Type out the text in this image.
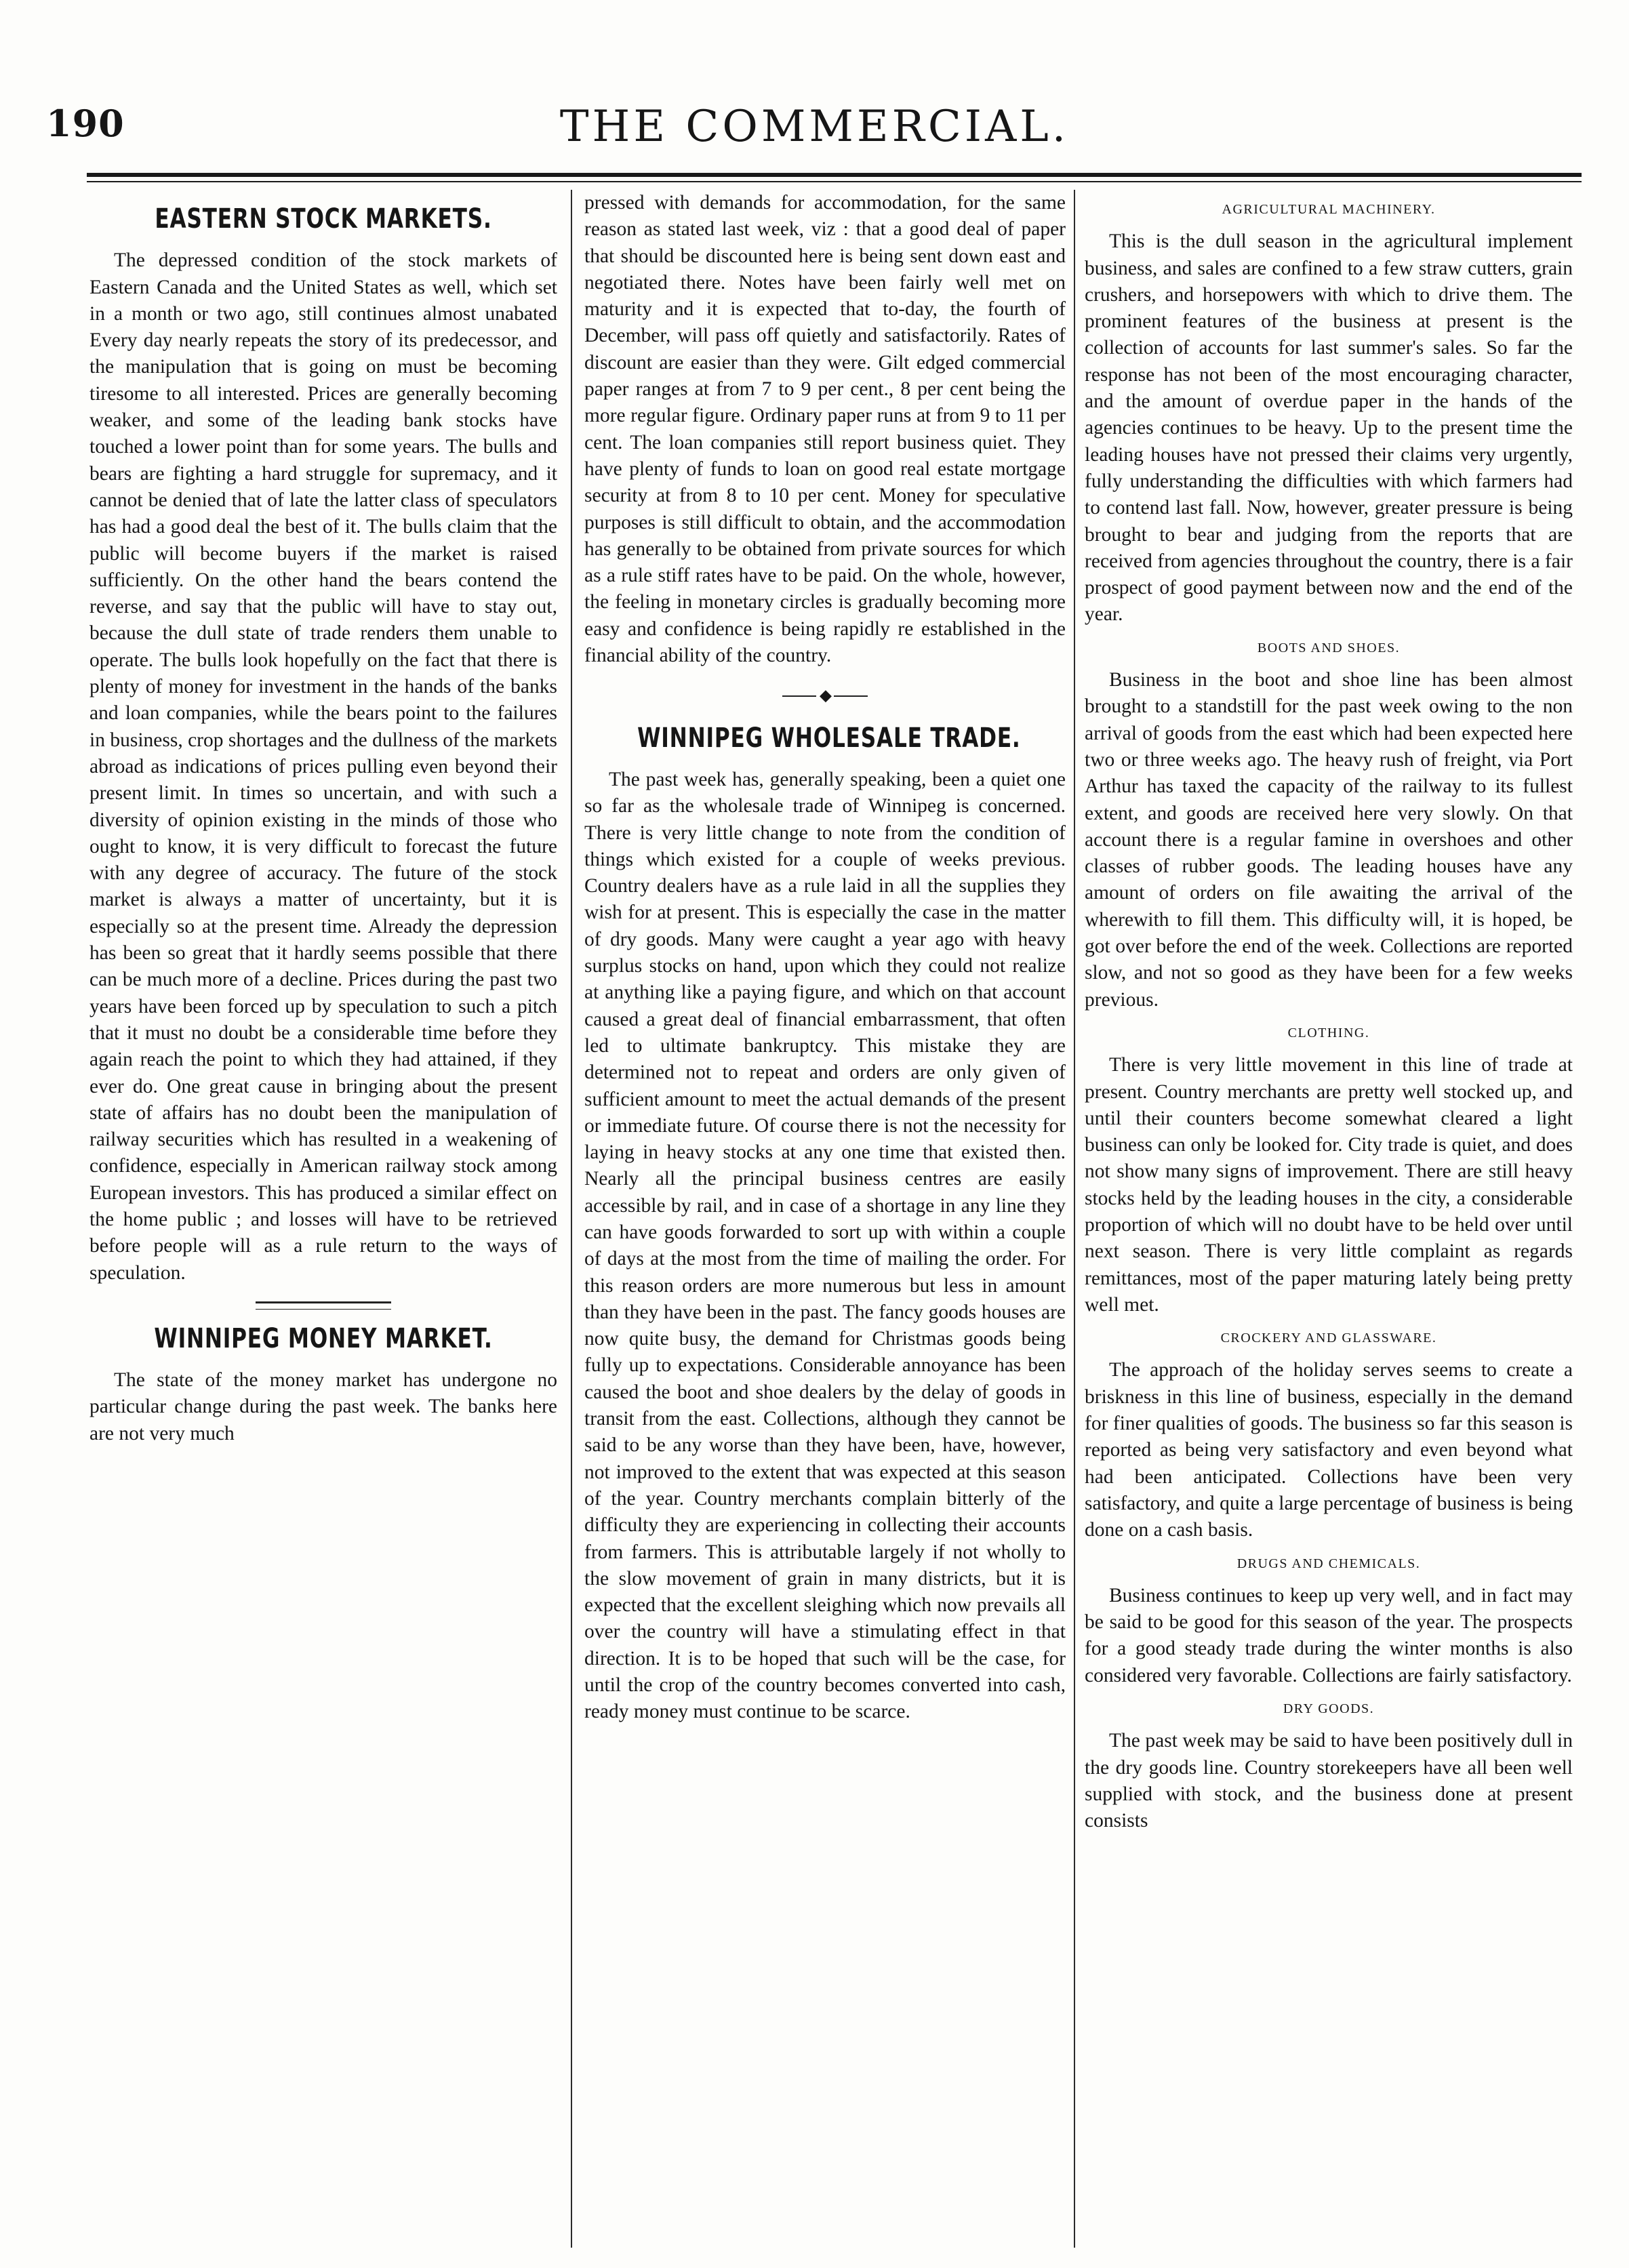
190	THE COMMERCIAL.
EASTERN STOCK MARKETS.

The depressed condition of the stock markets of Eastern Canada and the United States as well, which set in a month or two ago, still continues almost unabated Every day nearly repeats the story of its predecessor, and the manipulation that is going on must be becoming tiresome to all interested. Prices are generally becoming weaker, and some of the leading bank stocks have touched a lower point than for some years. The bulls and bears are fighting a hard struggle for supremacy, and it cannot be denied that of late the latter class of speculators has had a good deal the best of it. The bulls claim that the public will become buyers if the market is raised sufficiently. On the other hand the bears contend the reverse, and say that the public will have to stay out, because the dull state of trade renders them unable to operate. The bulls look hopefully on the fact that there is plenty of money for investment in the hands of the banks and loan companies, while the bears point to the failures in business, crop shortages and the dullness of the markets abroad as indications of prices pulling even beyond their present limit. In times so uncertain, and with such a diversity of opinion existing in the minds of those who ought to know, it is very difficult to forecast the future with any degree of accuracy. The future of the stock market is always a matter of uncertainty, but it is especially so at the present time. Already the depression has been so great that it hardly seems possible that there can be much more of a decline. Prices during the past two years have been forced up by speculation to such a pitch that it must no doubt be a considerable time before they again reach the point to which they had attained, if they ever do. One great cause in bringing about the present state of affairs has no doubt been the manipulation of railway securities which has resulted in a weakening of confidence, especially in American railway stock among European investors. This has produced a similar effect on the home public ; and losses will have to be retrieved before people will as a rule return to the ways of speculation.

WINNIPEG MONEY MARKET.

The state of the money market has undergone no particular change during the past week. The banks here are not very much

pressed with demands for accommodation, for the same reason as stated last week, viz : that a good deal of paper that should be discounted here is being sent down east and negotiated there. Notes have been fairly well met on maturity and it is expected that to-day, the fourth of December, will pass off quietly and satisfactorily. Rates of discount are easier than they were. Gilt edged commercial paper ranges at from 7 to 9 per cent., 8 per cent being the more regular figure. Ordinary paper runs at from 9 to 11 per cent. The loan companies still report business quiet. They have plenty of funds to loan on good real estate mortgage security at from 8 to 10 per cent. Money for speculative purposes is still difficult to obtain, and the accommodation has generally to be obtained from private sources for which as a rule stiff rates have to be paid. On the whole, however, the feeling in monetary circles is gradually becoming more easy and confidence is being rapidly re established in the financial ability of the country.

◆
WINNIPEG WHOLESALE TRADE.

The past week has, generally speaking, been a quiet one so far as the wholesale trade of Winnipeg is concerned. There is very little change to note from the condition of things which existed for a couple of weeks previous. Country dealers have as a rule laid in all the supplies they wish for at present. This is especially the case in the matter of dry goods. Many were caught a year ago with heavy surplus stocks on hand, upon which they could not realize at anything like a paying figure, and which on that account caused a great deal of financial embarrassment, that often led to ultimate bankruptcy. This mistake they are determined not to repeat and orders are only given of sufficient amount to meet the actual demands of the present or immediate future. Of course there is not the necessity for laying in heavy stocks at any one time that existed then. Nearly all the principal business centres are easily accessible by rail, and in case of a shortage in any line they can have goods forwarded to sort up with within a couple of days at the most from the time of mailing the order. For this reason orders are more numerous but less in amount than they have been in the past. The fancy goods houses are now quite busy, the demand for Christmas goods being fully up to expectations. Considerable annoyance has been caused the boot and shoe dealers by the delay of goods in transit from the east. Collections, although they cannot be said to be any worse than they have been, have, however, not improved to the extent that was expected at this season of the year. Country merchants complain bitterly of the difficulty they are experiencing in collecting their accounts from farmers. This is attributable largely if not wholly to the slow movement of grain in many districts, but it is expected that the excellent sleighing which now prevails all over the country will have a stimulating effect in that direction. It is to be hoped that such will be the case, for until the crop of the country becomes converted into cash, ready money must continue to be scarce.

AGRICULTURAL MACHINERY.

This is the dull season in the agricultural implement business, and sales are confined to a few straw cutters, grain crushers, and horsepowers with which to drive them. The prominent features of the business at present is the collection of accounts for last summer's sales. So far the response has not been of the most encouraging character, and the amount of overdue paper in the hands of the agencies continues to be heavy. Up to the present time the leading houses have not pressed their claims very urgently, fully understanding the difficulties with which farmers had to contend last fall. Now, however, greater pressure is being brought to bear and judging from the reports that are received from agencies throughout the country, there is a fair prospect of good payment between now and the end of the year.

BOOTS AND SHOES.

Business in the boot and shoe line has been almost brought to a standstill for the past week owing to the non arrival of goods from the east which had been expected here two or three weeks ago. The heavy rush of freight, via Port Arthur has taxed the capacity of the railway to its fullest extent, and goods are received here very slowly. On that account there is a regular famine in overshoes and other classes of rubber goods. The leading houses have any amount of orders on file awaiting the arrival of the wherewith to fill them. This difficulty will, it is hoped, be got over before the end of the week. Collections are reported slow, and not so good as they have been for a few weeks previous.

CLOTHING.

There is very little movement in this line of trade at present. Country merchants are pretty well stocked up, and until their counters become somewhat cleared a light business can only be looked for. City trade is quiet, and does not show many signs of improvement. There are still heavy stocks held by the leading houses in the city, a considerable proportion of which will no doubt have to be held over until next season. There is very little complaint as regards remittances, most of the paper maturing lately being pretty well met.

CROCKERY AND GLASSWARE.

The approach of the holiday serves seems to create a briskness in this line of business, especially in the demand for finer qualities of goods. The business so far this season is reported as being very satisfactory and even beyond what had been anticipated. Collections have been very satisfactory, and quite a large percentage of business is being done on a cash basis.

DRUGS AND CHEMICALS.

Business continues to keep up very well, and in fact may be said to be good for this season of the year. The prospects for a good steady trade during the winter months is also considered very favorable. Collections are fairly satisfactory.

DRY GOODS.

The past week may be said to have been positively dull in the dry goods line. Country storekeepers have all been well supplied with stock, and the business done at present consists
